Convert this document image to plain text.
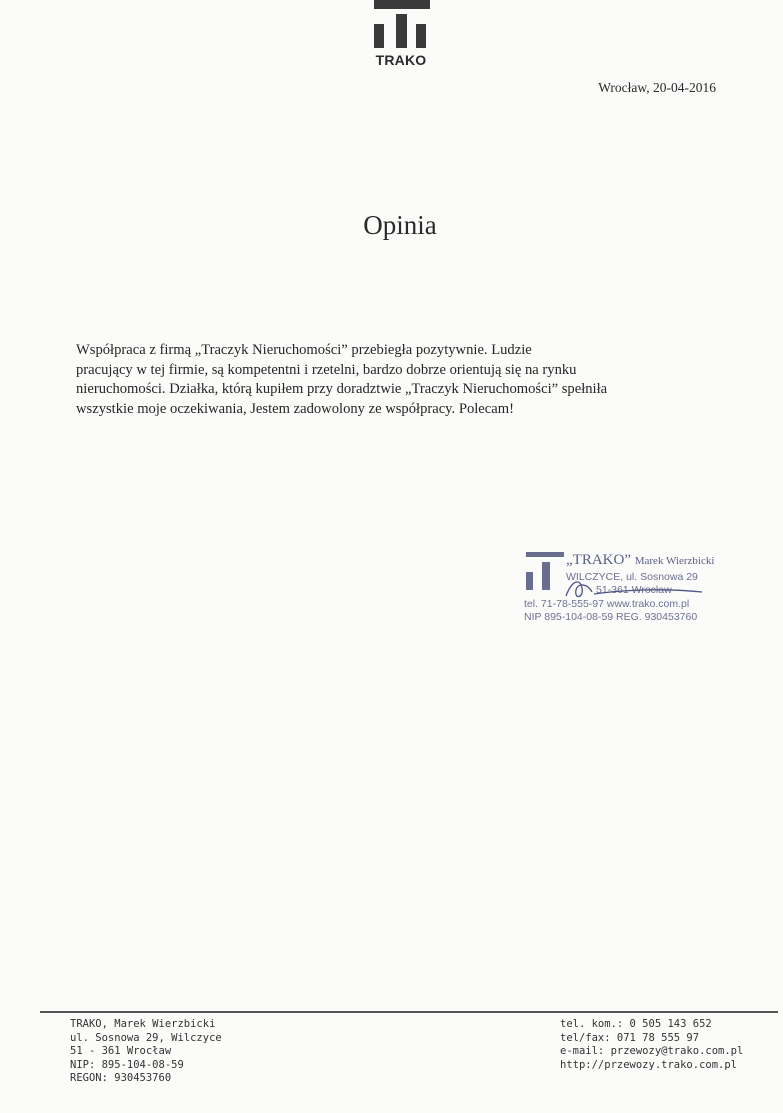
TRAKO
Wrocław, 20-04-2016
Opinia
Współpraca z firmą „Traczyk Nieruchomości” przebiegła pozytywnie. Ludzie
pracujący w tej firmie, są kompetentni i rzetelni, bardzo dobrze orientują się na rynku
nieruchomości. Działka, którą kupiłem przy doradztwie „Traczyk Nieruchomości” spełniła
wszystkie moje oczekiwania, Jestem zadowolony ze współpracy. Polecam!
„TRAKO” Marek Wierzbicki
WILCZYCE, ul. Sosnowa 29
51-361 Wrocław
tel. 71-78-555-97 www.trako.com.pl
NIP 895-104-08-59 REG. 930453760
TRAKO, Marek Wierzbicki
ul. Sosnowa 29, Wilczyce
51 - 361 Wrocław
NIP: 895-104-08-59
REGON: 930453760
tel. kom.: 0 505 143 652
tel/fax: 071 78 555 97
e-mail: przewozy@trako.com.pl
http://przewozy.trako.com.pl
